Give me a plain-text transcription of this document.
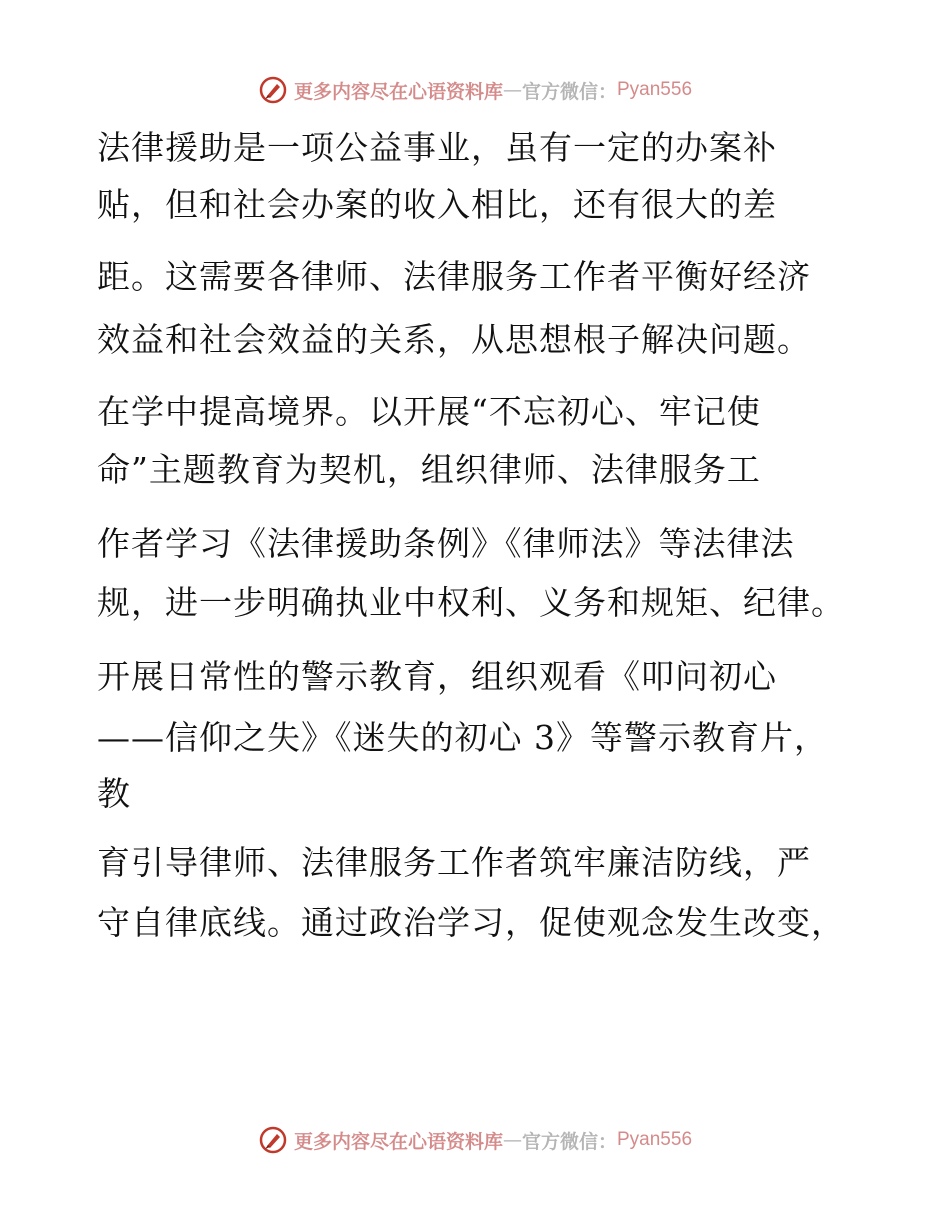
更多内容尽在心语资料库 — 官方微信： Pyan556
法律援助是一项公益事业，虽有一定的办案补
贴，但和社会办案的收入相比，还有很大的差
距。这需要各律师、法律服务工作者平衡好经济
效益和社会效益的关系，从思想根子解决问题。
在学中提高境界。以开展“不忘初心、牢记使
命”主题教育为契机，组织律师、法律服务工
作者学习《法律援助条例》《律师法》等法律法
规，进一步明确执业中权利、义务和规矩、纪律。
开展日常性的警示教育，组织观看《叩问初心
——信仰之失》《迷失的初心 3》等警示教育片，
教
育引导律师、法律服务工作者筑牢廉洁防线，严
守自律底线。通过政治学习，促使观念发生改变，
更多内容尽在心语资料库 — 官方微信： Pyan556
